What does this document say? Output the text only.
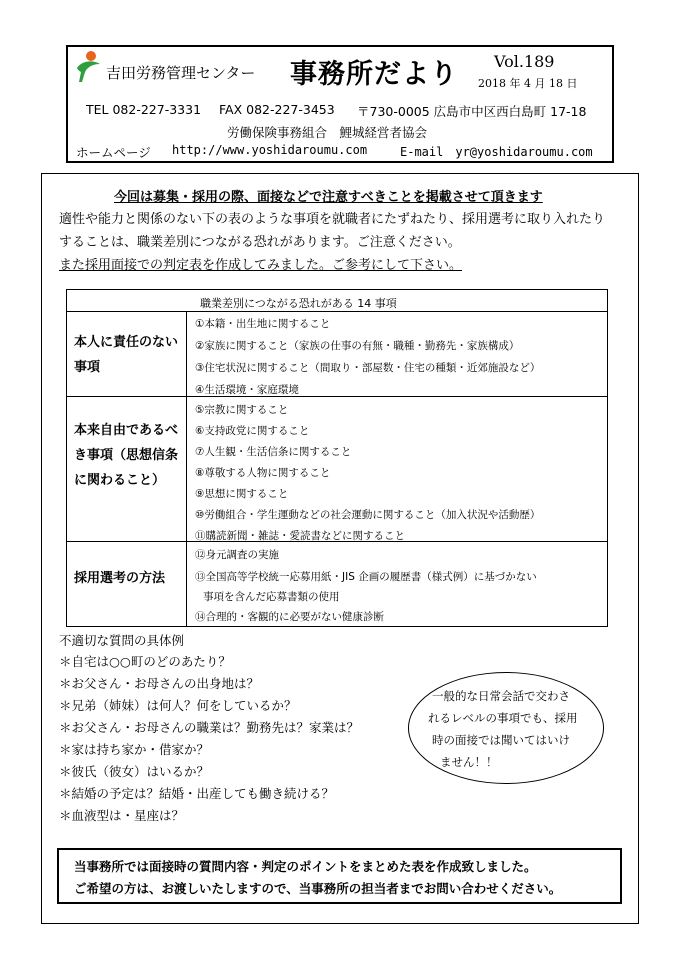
吉田労務管理センター 事務所だより Vol.189
2018 年 4 月 18 日
TEL 082-227-3331 FAX 082-227-3453 〒730-0005 広島市中区西白島町 17-18
労働保険事務組合　鯉城経営者協会
ホームページ http://www.yoshidaroumu.com	E-mail　yr@yoshidaroumu.com
今回は募集・採用の際、面接などで注意すべきことを掲載させて頂きます
適性や能力と関係のない下の表のような事項を就職者にたずねたり、採用選考に取り入れたり
することは、職業差別につながる恐れがあります。ご注意ください。
また採用面接での判定表を作成してみました。ご参考にして下さい。
職業差別につながる恐れがある 14 事項
本人に責任のない事項
本来自由であるべき事項（思想信条に関わること）
採用選考の方法
①本籍・出生地に関すること
②家族に関すること（家族の仕事の有無・職種・勤務先・家族構成）
③住宅状況に関すること（間取り・部屋数・住宅の種類・近郊施設など）
④生活環境・家庭環境
⑤宗教に関すること
⑥支持政党に関すること
⑦人生観・生活信条に関すること
⑧尊敬する人物に関すること
⑨思想に関すること
⑩労働組合・学生運動などの社会運動に関すること（加入状況や活動歴）
⑪購読新聞・雑誌・愛読書などに関すること
⑫身元調査の実施
⑬全国高等学校統一応募用紙・JIS 企画の履歴書（様式例）に基づかない
事項を含んだ応募書類の使用
⑭合理的・客観的に必要がない健康診断
不適切な質問の具体例
＊自宅は○○町のどのあたり？
＊お父さん・お母さんの出身地は？
＊兄弟（姉妹）は何人？何をしているか？
＊お父さん・お母さんの職業は？勤務先は？家業は？
＊家は持ち家か・借家か？
＊彼氏（彼女）はいるか？
＊結婚の予定は？結婚・出産しても働き続ける？
＊血液型は・星座は？
一般的な日常会話で交わさ
れるレベルの事項でも、採用
時の面接では聞いてはいけ
ません！！
当事務所では面接時の質問内容・判定のポイントをまとめた表を作成致しました。
ご希望の方は、お渡しいたしますので、当事務所の担当者までお問い合わせください。
